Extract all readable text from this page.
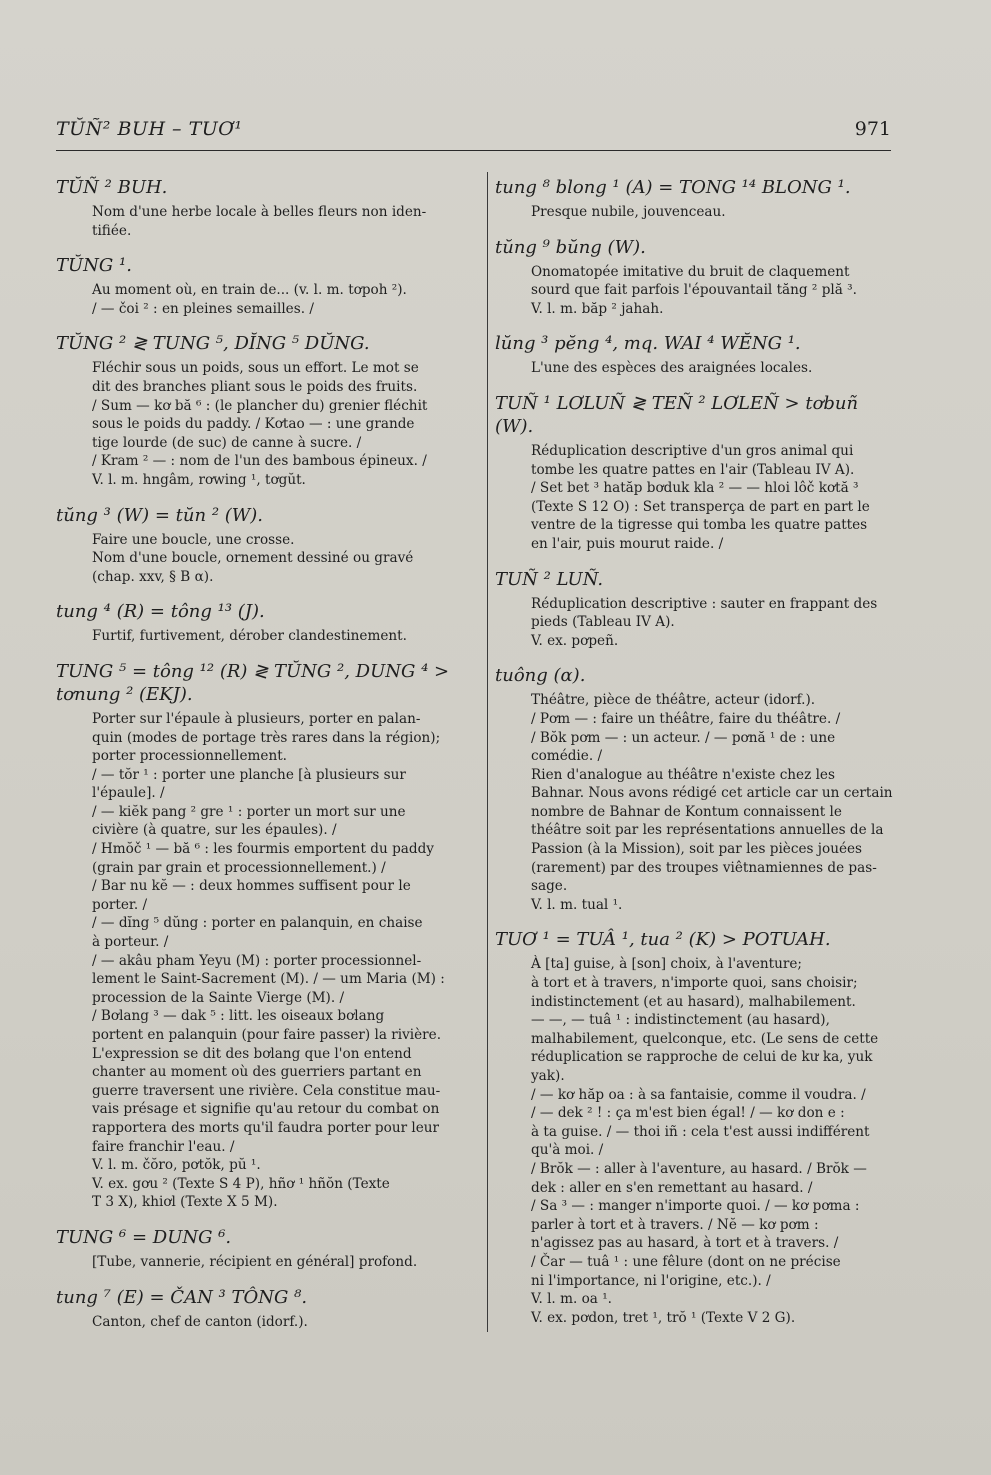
TŬÑ² BUH – TUƠ¹	971
TŬÑ ² BUH.

Nom d'une herbe locale à belles fleurs non iden-

tifiée.

TŬNG ¹.

Au moment où, en train de... (v. l. m. tơpoh ²).

/ — čoi ² : en pleines semailles. /

TŬNG ² ≷ TUNG ⁵, DĬNG ⁵ DŬNG.

Fléchir sous un poids, sous un effort. Le mot se

dit des branches pliant sous le poids des fruits.

/ Sum — kơ bă ⁶ : (le plancher du) grenier fléchit

sous le poids du paddy. / Kơtao — : une grande

tige lourde (de suc) de canne à sucre. /

/ Kram ² — : nom de l'un des bambous épineux. /

V. l. m. hngâm, rơwing ¹, tơgŭt.

tŭng ³ (W) = tŭn ² (W).

Faire une boucle, une crosse.

Nom d'une boucle, ornement dessiné ou gravé

(chap. xxv, § B α).

tung ⁴ (R) = tông ¹³ (J).

Furtif, furtivement, dérober clandestinement.

TUNG ⁵ = tông ¹² (R) ≷ TŬNG ², DUNG ⁴ > tơnung ² (EKJ).

Porter sur l'épaule à plusieurs, porter en palan-

quin (modes de portage très rares dans la région);

porter processionnellement.

/ — tŏr ¹ : porter une planche [à plusieurs sur

l'épaule]. /

/ — kiĕk pang ² gre ¹ : porter un mort sur une

civière (à quatre, sur les épaules). /

/ Hmŏč ¹ — bă ⁶ : les fourmis emportent du paddy

(grain par grain et processionnellement.) /

/ Bar nu kĕ — : deux hommes suffisent pour le

porter. /

/ — dĭng ⁵ dŭng : porter en palanquin, en chaise

à porteur. /

/ — akâu pham Yeyu (M) : porter processionnel-

lement le Saint-Sacrement (M). / — um Maria (M) :

procession de la Sainte Vierge (M). /

/ Bơlang ³ — dak ⁵ : litt. les oiseaux bơlang

portent en palanquin (pour faire passer) la rivière.

L'expression se dit des bơlang que l'on entend

chanter au moment où des guerriers partant en

guerre traversent une rivière. Cela constitue mau-

vais présage et signifie qu'au retour du combat on

rapportera des morts qu'il faudra porter pour leur

faire franchir l'eau. /

V. l. m. čŏro, pơtŏk, pŭ ¹.

V. ex. gơu ² (Texte S 4 P), hñơ ¹ hñŏn (Texte

T 3 X), khiơl (Texte X 5 M).

TUNG ⁶ = DUNG ⁶.

[Tube, vannerie, récipient en général] profond.

tung ⁷ (E) = ČAN ³ TÔNG ⁸.

Canton, chef de canton (idorf.).

tung ⁸ blong ¹ (A) = TONG ¹⁴ BLONG ¹.

Presque nubile, jouvenceau.

tŭng ⁹ bŭng (W).

Onomatopée imitative du bruit de claquement

sourd que fait parfois l'épouvantail tăng ² plă ³.

V. l. m. băp ² jahah.

lŭng ³ pĕng ⁴, mq. WAI ⁴ WĔNG ¹.

L'une des espèces des araignées locales.

TUÑ ¹ LƠLUÑ ≷ TEÑ ² LƠLEÑ > tơbuñ (W).

Réduplication descriptive d'un gros animal qui

tombe les quatre pattes en l'air (Tableau IV A).

/ Set bet ³ hatăp bơduk kla ² — — hloi lôč kơtă ³

(Texte S 12 O) : Set transperça de part en part le

ventre de la tigresse qui tomba les quatre pattes

en l'air, puis mourut raide. /

TUÑ ² LUÑ.

Réduplication descriptive : sauter en frappant des

pieds (Tableau IV A).

V. ex. pơpeñ.

tuông (α).

Théâtre, pièce de théâtre, acteur (idorf.).

/ Pơm — : faire un théâtre, faire du théâtre. /

/ Bŏk pơm — : un acteur. / — pơnă ¹ de : une

comédie. /

Rien d'analogue au théâtre n'existe chez les

Bahnar. Nous avons rédigé cet article car un certain

nombre de Bahnar de Kontum connaissent le

théâtre soit par les représentations annuelles de la

Passion (à la Mission), soit par les pièces jouées

(rarement) par des troupes viêtnamiennes de pas-

sage.

V. l. m. tual ¹.

TUƠ ¹ = TUÂ ¹, tua ² (K) > POTUAH.

À [ta] guise, à [son] choix, à l'aventure;

à tort et à travers, n'importe quoi, sans choisir;

indistinctement (et au hasard), malhabilement.

— —, — tuâ ¹ : indistinctement (au hasard),

malhabilement, quelconque, etc. (Le sens de cette

réduplication se rapproche de celui de kư ka, yuk

yak).

/ — kơ hăp oa : à sa fantaisie, comme il voudra. /

/ — dek ² ! : ça m'est bien égal! / — kơ don e :

à ta guise. / — thoi iñ : cela t'est aussi indifférent

qu'à moi. /

/ Brŏk — : aller à l'aventure, au hasard. / Brŏk —

dek : aller en s'en remettant au hasard. /

/ Sa ³ — : manger n'importe quoi. / — kơ pơma :

parler à tort et à travers. / Nĕ — kơ pơm :

n'agissez pas au hasard, à tort et à travers. /

/ Čar — tuâ ¹ : une fêlure (dont on ne précise

ni l'importance, ni l'origine, etc.). /

V. l. m. oa ¹.

V. ex. pơdon, tret ¹, trŏ ¹ (Texte V 2 G).
